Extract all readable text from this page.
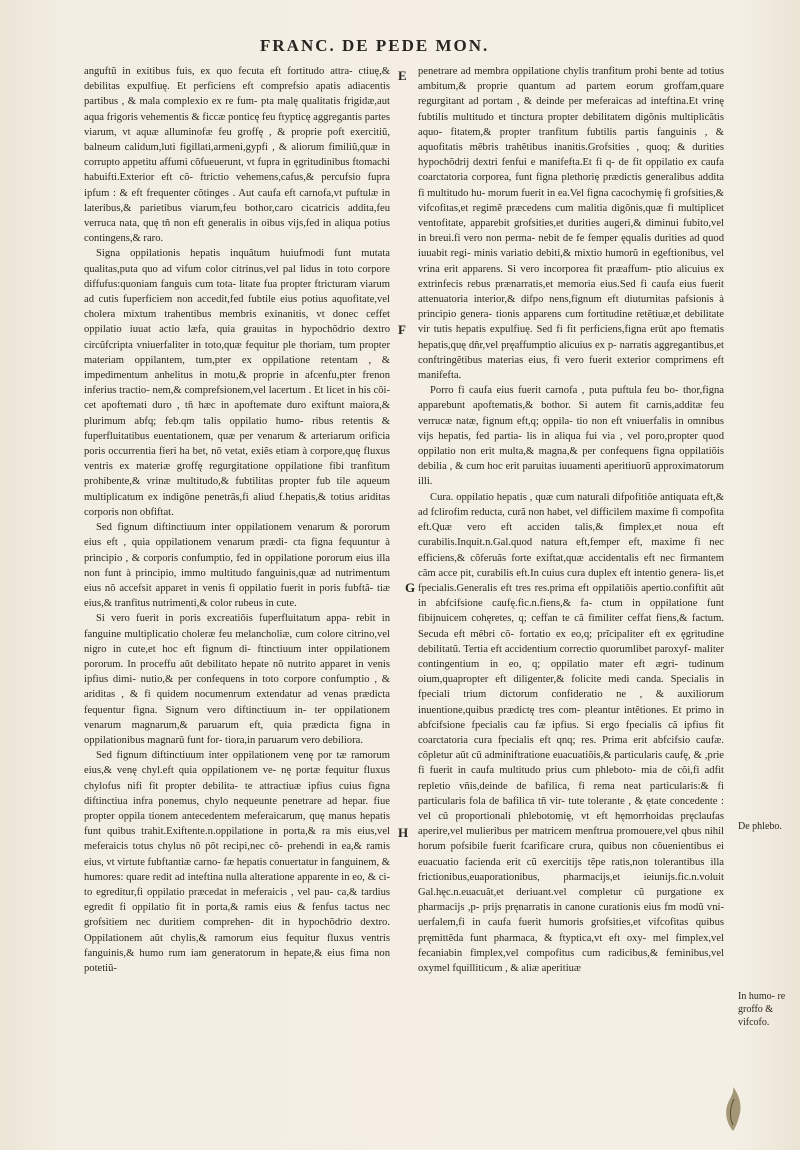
FRANC. DE PEDE MON.

anguftũ in exitibus fuis, ex quo fecuta eft fortitudo attra- ctiuę,& debilitas expulfiuę. Et perficiens eft comprefsio apatis adiacentis partibus , & mala complexio ex re fum- pta malę qualitatis frigidæ,aut aqua frigoris vehementis & ficcæ ponticę feu ftypticę aggregantis partes viarum, vt aquæ alluminofæ feu groffę , & proprie poft exercitiũ, balneum calidum,luti figillati,armeni,gypfi , & aliorum fimiliũ,quæ in corrupto appetitu affumi cõfueuerunt, vt fupra in ęgritudinibus ftomachi habuifti.Exterior eft cõ- ftrictio vehemens,cafus,& percufsio fupra ipfum : & eft frequenter cõtinges . Aut caufa eft carnofa,vt puftulæ in lateribus,& parietibus viarum,feu bothor,caro cicatricis addita,feu verruca nata, quę tñ non eft generalis in oibus vijs,fed in aliqua potius contingens,& raro.

Signa oppilationis hepatis inquãtum huiufmodi funt mutata qualitas,puta quo ad vifum color citrinus,vel pal lidus in toto corpore diffufus:quoniam fanguis cum tota- litate fua propter ftricturam viarum ad cutis fuperficiem non accedit,fed fubtile eius potius aquofitate,vel cholera mixtum trahentibus membris exinanitis, vt donec ceffet oppilatio iuuat actio læfa, quia grauitas in hypochõdrio dextro circũfcripta vniuerfaliter in toto,quæ fequitur ple thoriam, tum propter materiam oppilantem, tum,pter ex oppilatione retentam , & impedimentum anhelitus in motu,& proprie in afcenfu,pter frenon inferius tractio- nem,& comprefsionem,vel lacertum . Et licet in his cõi- cet apoftemati duro , tñ hæc in apoftemate duro exiftunt maiora,& plurimum abfq; feb.qm talis oppilatio humo- ribus retentis & fuperfluitatibus euentationem, quæ per venarum & arteriarum orificia poris occurrentia fieri ha bet, nõ vetat, exiẽs etiam à corpore,quę fluxus ventris ex materiæ groffę regurgitatione oppilatione fibi tranfitum prohibente,& vrinæ multitudo,& fubtilitas propter fub tile aqueum multiplicatum ex indigõne penetrãs,fi aliud f.hepatis,& totius ariditas corporis non obfiftat.

Sed fignum diftinctiuum inter oppilationem venarum & pororum eius eft , quia oppilationem venarum prædi- cta figna fequuntur à principio , & corporis confumptio, fed in oppilatione pororum eius illa non funt à principio, immo multitudo fanguinis,quæ ad nutrimentum eius nõ accefsit apparet in venis fi oppilatio fuerit in poris fubftã- tiæ eius,& tranfitus nutrimenti,& color rubeus in cute.

Si vero fuerit in poris excreatiõis fuperfluitatum appa- rebit in fanguine multiplicatio choleræ feu melancholiæ, cum colore citrino,vel nigro in cute,et hoc eft fignum di- ftinctiuum inter oppilationem pororum. In proceffu aũt debilitato hepate nõ nutrito apparet in venis ipfius dimi- nutio,& per confequens in toto corpore confumptio , & ariditas , & fi quidem nocumenrum extendatur ad venas prædicta fequentur figna. Signum vero diftinctiuum in- ter oppilationem venarum magnarum,& paruarum eft, quia prædicta figna in oppilationibus magnarũ funt for- tiora,in paruarum vero debiliora.

Sed fignum diftinctiuum inter oppilationem venę por tæ ramorum eius,& venę chyl.eft quia oppilationem ve- nę portæ fequitur fluxus chylofus nifi fit propter debilita- te attractiuæ ipfius cuius figna diftinctiua infra ponemus, chylo nequeunte penetrare ad hepar. fiue propter oppila tionem antecedentem meferaicarum, quę manus hepatis funt quibus trahit.Exiftente.n.oppilatione in porta,& ra mis eius,vel meferaicis totus chylus nõ põt recipi,nec cõ- prehendi in ea,& ramis eius, vt virtute fubftantiæ carno- fæ hepatis conuertatur in fanguinem, & humores: quare redit ad inteftina nulla alteratione apparente in eo, & ci- to egreditur,fi oppilatio præcedat in meferaicis , vel pau- ca,& tardius egredit fi oppilatio fit in porta,& ramis eius & fenfus tactus nec grofsitiem nec duritiem comprehen- dit in hypochõdrio dextro. Oppilationem aũt chylis,& ramorum eius fequitur fluxus ventris fanguinis,& humo rum iam generatorum in hepate,& eius fima non potetiũ-

E
F
G
H

penetrare ad membra oppilatione chylis tranfitum prohi bente ad totius ambitum,& proprie quantum ad partem eorum groffam,quare regurgitant ad portam , & deinde per meferaicas ad inteftina.Et vrinę fubtilis multitudo et tinctura propter debilitatem digõnis multiplicãtis aquo- fitatem,& propter tranfitum fubtilis partis fanguinis , & aquofitatis mẽbris trahẽtibus inanitis.Grofsities , quoq; & durities hypochõdrij dextri fenfui e manifefta.Et fi q- de fit oppilatio ex caufa coarctatoria corporea, funt figna plethorię prædictis generalibus addita fi multitudo hu- morum fuerit in ea.Vel figna cacochymię fi grofsities,& vifcofitas,et regimẽ præcedens cum malitia digõnis,quæ fi multiplicet ventofitate, apparebit grofsities,et durities augeri,& diminui fubito,vel in breui.fi vero non perma- nebit de fe femper ęqualis durities ad quod iuuabit regi- minis variatio debiti,& mixtio humorũ in egeftionibus, vel vrina erit apparens. Si vero incorporea fit præaffum- ptio alicuius ex extrinfecis rebus prænarratis,et memoria eius.Sed fi caufa eius fuerit attenuatoria interior,& difpo nens,fignum eft diuturnitas pafsionis à principio genera- tionis apparens cum fortitudine retẽtiuæ,et debilitate vir tutis hepatis expulfiuę. Sed fi fit perficiens,figna erũt apo ftematis hepatis,quę dñr,vel pręaffumptio alicuius ex p- narratis aggregantibus,et conftringẽtibus materias eius, fi vero fuerit exterior comprimens eft manifefta.

Porro fi caufa eius fuerit carnofa , puta puftula feu bo- thor,figna apparebunt apoftematis,& bothor. Si autem fit carnis,additæ feu verrucæ natæ, fignum eft,q; oppila- tio non eft vniuerfalis in omnibus vijs hepatis, fed partia- lis in aliqua fui via , vel poro,propter quod oppilatio non erit multa,& magna,& per confequens figna oppilatiõis debilia , & cum hoc erit paruitas iuuamenti aperitiuorũ approximatorum illi.

Cura. oppilatio hepatis , quæ cum naturali difpofitiõe antiquata eft,& ad fclirofim reducta, curã non habet, vel difficilem maxime fi compofita eft.Quæ vero eft acciden talis,& fimplex,et noua eft curabilis.Inquit.n.Gal.quod natura eft,femper eft, maxime fi nec efficiens,& cõferuãs forte exiftat,quæ accidentalis eft nec firmantem cãm acce pit, curabilis eft.In cuius cura duplex eft intentio genera- lis,et fpecialis.Generalis eft tres res.prima eft oppilatiõis apertio.confiftit aũt in abfcifsione caufę.fic.n.fiens,& fa- ctum in oppilatione funt fibijnuicem cohęretes, q; ceffan te cã fimiliter ceffat fiens,& factum. Secuda eft mẽbri cõ- fortatio ex eo,q; prĩcipaliter eft ex ęgritudine debilitatũ. Tertia eft accidentium correctio quorumlibet paroxyf- maliter contingentium in eo, q; oppilatio mater eft ægri- tudinum oium,quapropter eft diligenter,& folicite medi canda. Specialis in fpeciali trium dictorum confideratio ne , & auxiliorum inuentione,quibus prædictę tres com- pleantur intẽtiones. Et primo in abfcifsione fpecialis cau fæ ipfius. Si ergo fpecialis cã ipfius fit coarctatoria cura fpecialis eft qnq; res. Prima erit abfcifsio caufæ. cõpletur aũt cũ adminiftratione euacuatiõis,& particularis caufę, & ,prie fi fuerit in caufa multitudo prius cum phleboto- mia de cõi,fi adfit repletio vñis,deinde de bafilica, fi rema neat particularis:& fi particularis fola de bafilica tñ vir- tute tolerante , & ętate concedente : vel cũ proportionali phlebotomię, vt eft hęmorrhoidas pręclaufas aperire,vel mulieribus per matricem menftrua promouere,vel qbus nihil horum pofsibile fuerit fcarificare crura, quibus non cõuenientibus ei euacuatio facienda erit cũ exercitijs tẽpe ratis,non tolerantibus illa frictionibus,euaporationibus, pharmacijs,et ieiunijs.fic.n.voluit Gal.hęc.n.euacuãt,et deriuant.vel completur cũ purgatione ex pharmacijs ,p- prijs pręnarratis in canone curationis eius fm modũ vni- uerfalem,fi in caufa fuerit humoris grofsities,et vifcofitas quibus pręmittẽda funt pharmaca, & ftyptica,vt eft oxy- mel fimplex,vel fecaniabin fimplex,vel compofitus cum radicibus,& feminibus,vel oxymel fquilliticum , & aliæ aperitiuæ

De phlebo.
In humo- re groffo & vifcofo.
